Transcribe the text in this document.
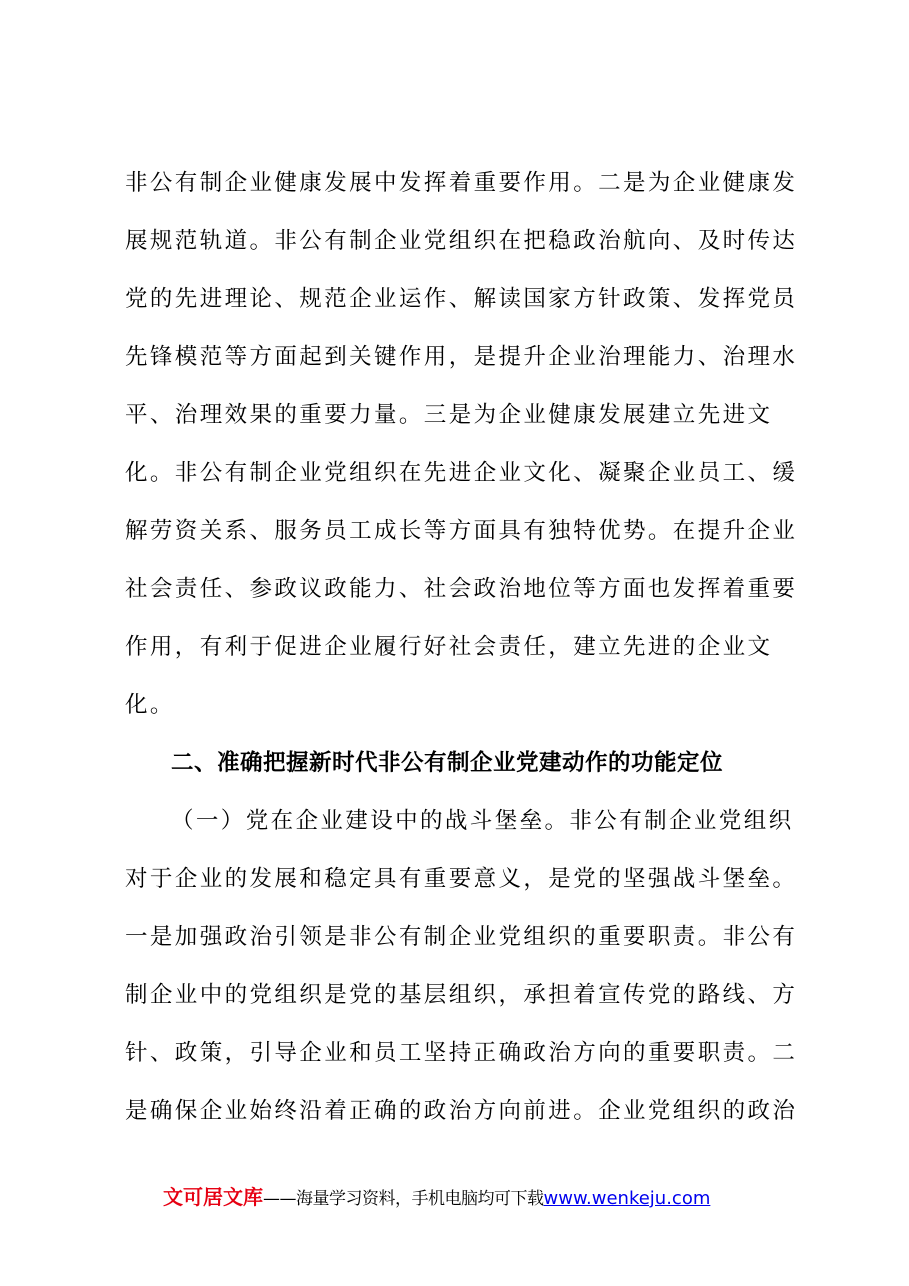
非公有制企业健康发展中发挥着重要作用。二是为企业健康发
展规范轨道。非公有制企业党组织在把稳政治航向、及时传达
党的先进理论、规范企业运作、解读国家方针政策、发挥党员
先锋模范等方面起到关键作用，是提升企业治理能力、治理水
平、治理效果的重要力量。三是为企业健康发展建立先进文
化。非公有制企业党组织在先进企业文化、凝聚企业员工、缓
解劳资关系、服务员工成长等方面具有独特优势。在提升企业
社会责任、参政议政能力、社会政治地位等方面也发挥着重要
作用，有利于促进企业履行好社会责任，建立先进的企业文
化。
二、准确把握新时代非公有制企业党建动作的功能定位
（一）党在企业建设中的战斗堡垒。非公有制企业党组织
对于企业的发展和稳定具有重要意义，是党的坚强战斗堡垒。
一是加强政治引领是非公有制企业党组织的重要职责。非公有
制企业中的党组织是党的基层组织，承担着宣传党的路线、方
针、政策，引导企业和员工坚持正确政治方向的重要职责。二
是确保企业始终沿着正确的政治方向前进。企业党组织的政治
文可居文库——海量学习资料，手机电脑均可下载www.wenkeju.com
